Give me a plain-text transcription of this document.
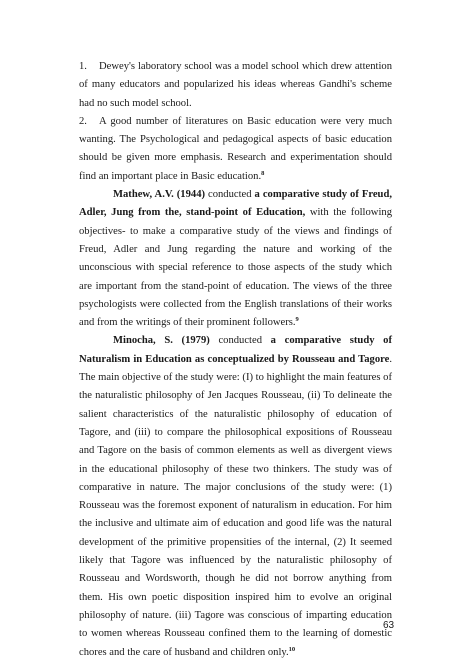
1. Dewey's laboratory school was a model school which drew attention of many educators and popularized his ideas whereas Gandhi's scheme had no such model school.

2. A good number of literatures on Basic education were very much wanting. The Psychological and pedagogical aspects of basic education should be given more emphasis. Research and experimentation should find an important place in Basic education.$^8$

Mathew, A.V. (1944) conducted a comparative study of Freud, Adler, Jung from the, stand-point of Education, with the following objectives- to make a comparative study of the views and findings of Freud, Adler and Jung regarding the nature and working of the unconscious with special reference to those aspects of the study which are important from the stand-point of education. The views of the three psychologists were collected from the English translations of their works and from the writings of their prominent followers.$^9$

Minocha, S. (1979) conducted a comparative study of Naturalism in Education as conceptualized by Rousseau and Tagore. The main objective of the study were: (I) to highlight the main features of the naturalistic philosophy of Jen Jacques Rousseau, (ii) To delineate the salient characteristics of the naturalistic philosophy of education of Tagore, and (iii) to compare the philosophical expositions of Rousseau and Tagore on the basis of common elements as well as divergent views in the educational philosophy of these two thinkers. The study was of comparative in nature. The major conclusions of the study were: (1) Rousseau was the foremost exponent of naturalism in education. For him the inclusive and ultimate aim of education and good life was the natural development of the primitive propensities of the internal, (2) It seemed likely that Tagore was influenced by the naturalistic philosophy of Rousseau and Wordsworth, though he did not borrow anything from them. His own poetic disposition inspired him to evolve an original philosophy of nature. (iii) Tagore was conscious of imparting education to women whereas Rousseau confined them to the learning of domestic chores and the care of husband and children only.$^{10}$

63
